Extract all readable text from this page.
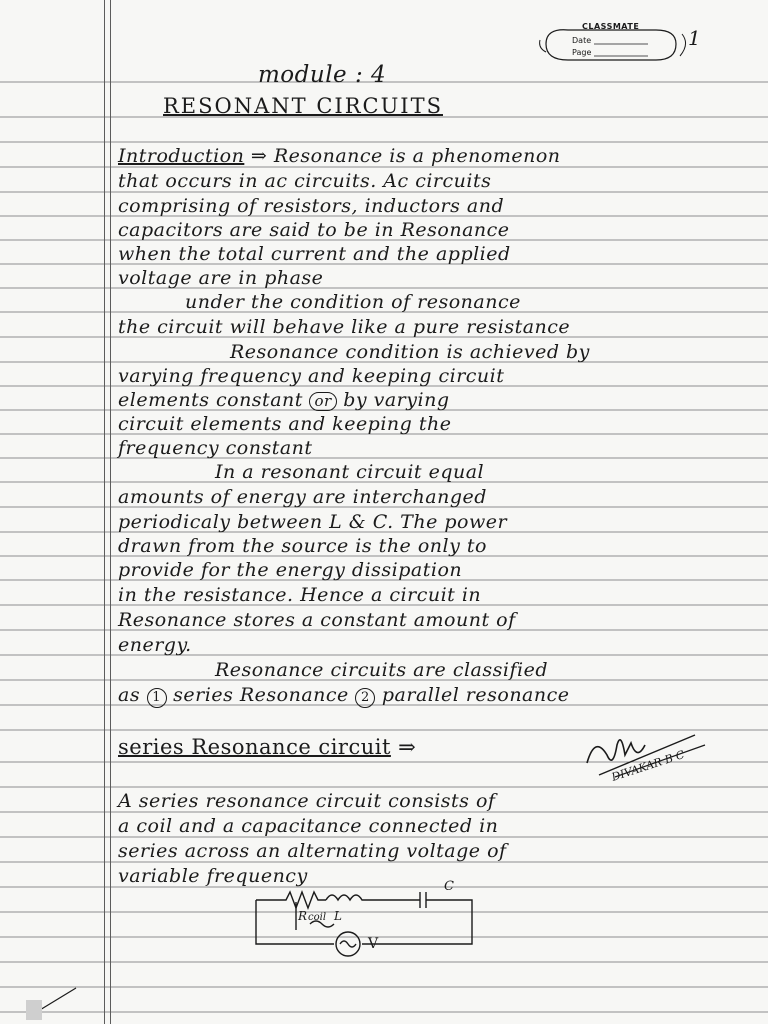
CLASSMATE
Date
Page
1
module : 4
RESONANT CIRCUITS
Introduction ⇒ Resonance is a phenomenon
that occurs in ac circuits. Ac circuits
comprising of resistors, inductors and
capacitors are said to be in Resonance
when the total current and the applied
voltage are in phase
under the condition of resonance
the circuit will behave like a pure resistance
Resonance condition is achieved by
varying frequency and keeping circuit
elements constant or by varying
circuit elements and keeping the
frequency constant
In a resonant circuit equal
amounts of energy are interchanged
periodicaly between L & C. The power
drawn from the source is the only to
provide for the energy dissipation
in the resistance. Hence a circuit in
Resonance stores a constant amount of
energy.
Resonance circuits are classified
as 1 series Resonance 2 parallel resonance
series Resonance circuit ⇒
DIVAKAR B C
A series resonance circuit consists of
a coil and a capacitance connected in
series across an alternating voltage of
variable frequency
R coil L
C
V
